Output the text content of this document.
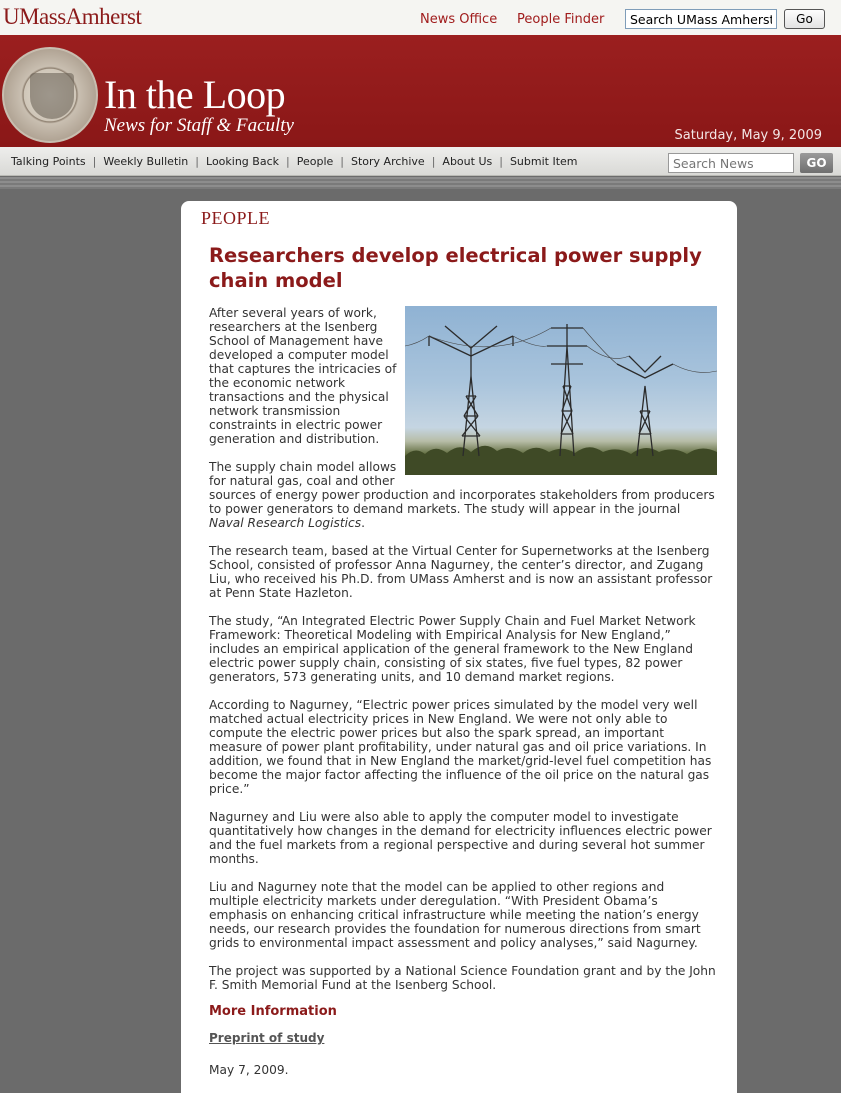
UMassAmherst	News Office People Finder
Search UMass Amherst	Go
In the Loop
News for Staff & Faculty	Saturday, May 9, 2009
Talking Points | Weekly Bulletin | Looking Back | People | Story Archive | About Us | Submit Item
Search News	GO
PEOPLE
Researchers develop electrical power supply chain model

After several years of work, researchers at the Isenberg School of Management have developed a computer model that captures the intricacies of the economic network transactions and the physical network transmission constraints in electric power generation and distribution.

The supply chain model allows for natural gas, coal and other sources of energy power production and incorporates stakeholders from producers to power generators to demand markets. The study will appear in the journal Naval Research Logistics.

The research team, based at the Virtual Center for Supernetworks at the Isenberg School, consisted of professor Anna Nagurney, the center’s director, and Zugang Liu, who received his Ph.D. from UMass Amherst and is now an assistant professor at Penn State Hazleton.

The study, “An Integrated Electric Power Supply Chain and Fuel Market Network Framework: Theoretical Modeling with Empirical Analysis for New England,” includes an empirical application of the general framework to the New England electric power supply chain, consisting of six states, five fuel types, 82 power generators, 573 generating units, and 10 demand market regions.

According to Nagurney, “Electric power prices simulated by the model very well matched actual electricity prices in New England. We were not only able to compute the electric power prices but also the spark spread, an important measure of power plant profitability, under natural gas and oil price variations. In addition, we found that in New England the market/grid-level fuel competition has become the major factor affecting the influence of the oil price on the natural gas price.”

Nagurney and Liu were also able to apply the computer model to investigate quantitatively how changes in the demand for electricity influences electric power and the fuel markets from a regional perspective and during several hot summer months.

Liu and Nagurney note that the model can be applied to other regions and multiple electricity markets under deregulation. “With President Obama’s emphasis on enhancing critical infrastructure while meeting the nation’s energy needs, our research provides the foundation for numerous directions from smart grids to environmental impact assessment and policy analyses,” said Nagurney.

The project was supported by a National Science Foundation grant and by the John F. Smith Memorial Fund at the Isenberg School.

More Information
Preprint of study
May 7, 2009.
